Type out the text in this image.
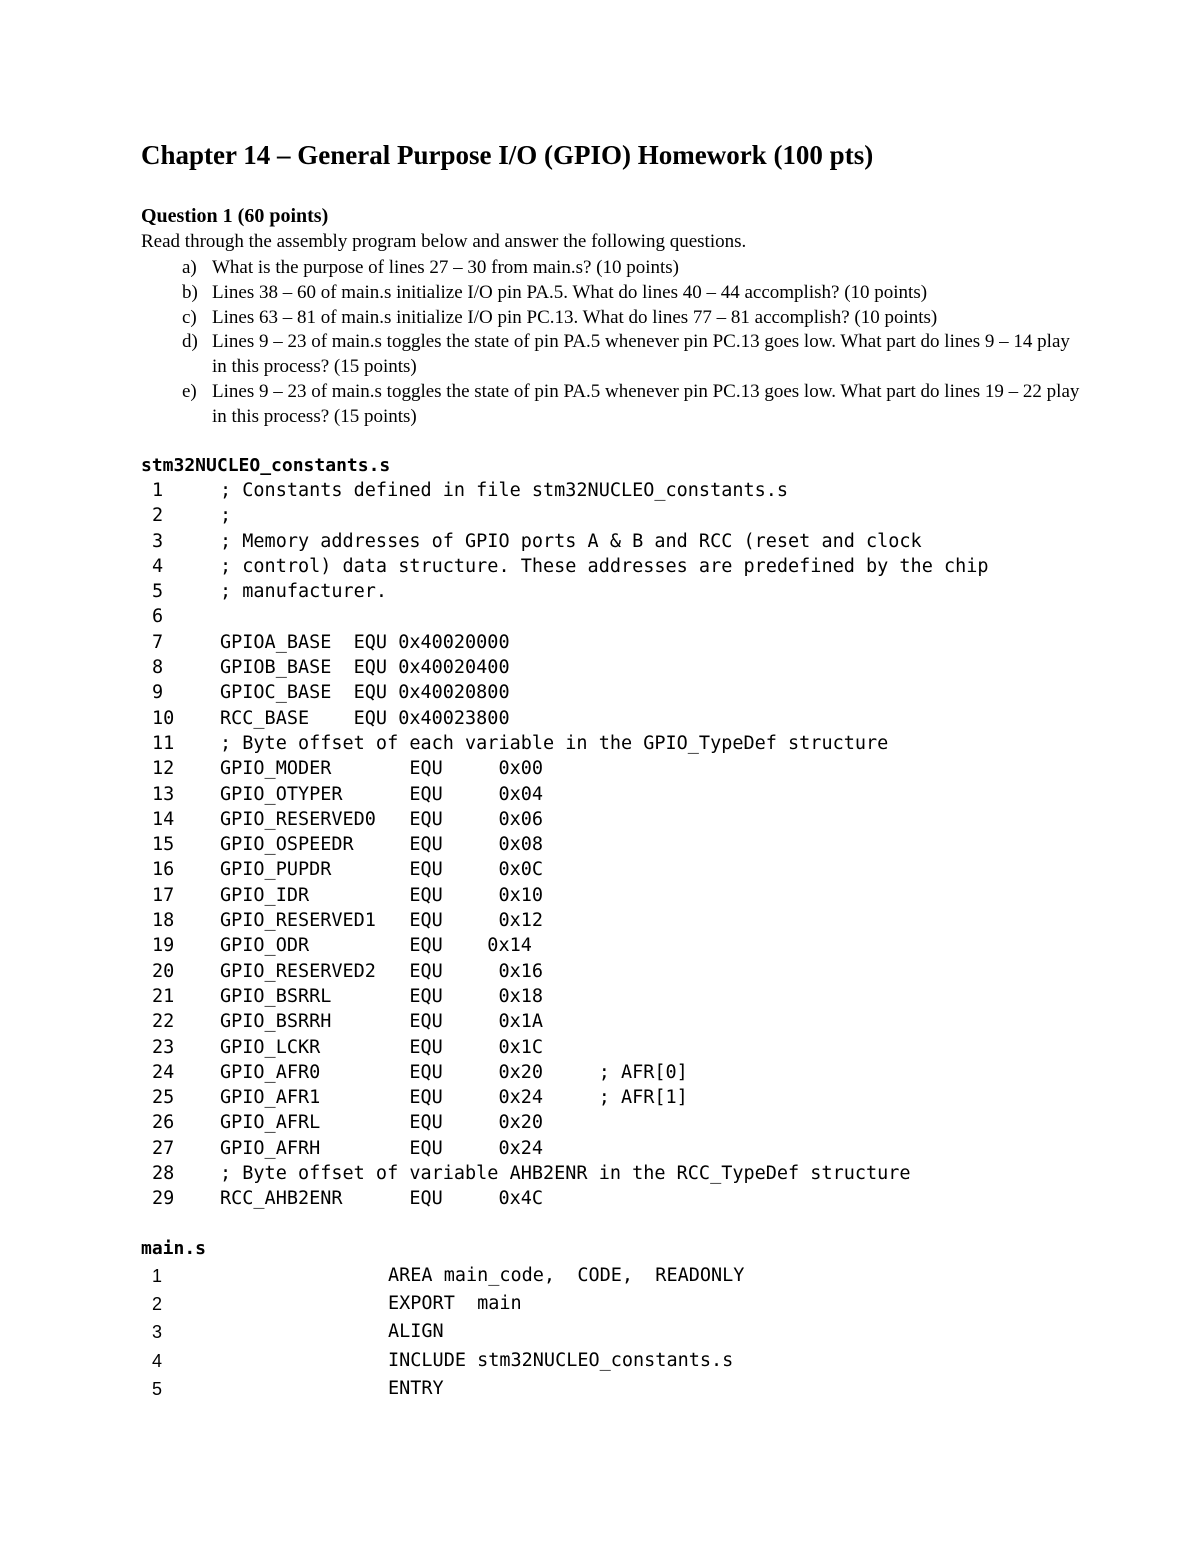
Chapter 14 – General Purpose I/O (GPIO) Homework (100 pts)
Question 1 (60 points)
Read through the assembly program below and answer the following questions.
a) What is the purpose of lines 27 – 30 from main.s? (10 points)
b) Lines 38 – 60 of main.s initialize I/O pin PA.5. What do lines 40 – 44 accomplish? (10 points)
c) Lines 63 – 81 of main.s initialize I/O pin PC.13. What do lines 77 – 81 accomplish? (10 points)
d) Lines 9 – 23 of main.s toggles the state of pin PA.5 whenever pin PC.13 goes low. What part do lines 9 – 14 play in this process? (15 points)
e) Lines 9 – 23 of main.s toggles the state of pin PA.5 whenever pin PC.13 goes low. What part do lines 19 – 22 play in this process? (15 points)
stm32NUCLEO_constants.s
1	; Constants defined in file stm32NUCLEO_constants.s
2	;
3	; Memory addresses of GPIO ports A & B and RCC (reset and clock
4	; control) data structure. These addresses are predefined by the chip
5	; manufacturer.
6
7	GPIOA_BASE  EQU 0x40020000
8	GPIOB_BASE  EQU 0x40020400
9	GPIOC_BASE  EQU 0x40020800
10 RCC_BASE    EQU 0x40023800
11 ; Byte offset of each variable in the GPIO_TypeDef structure
12 GPIO_MODER       EQU     0x00
13 GPIO_OTYPER      EQU     0x04
14 GPIO_RESERVED0   EQU     0x06
15 GPIO_OSPEEDR     EQU     0x08
16 GPIO_PUPDR       EQU     0x0C
17 GPIO_IDR         EQU     0x10
18 GPIO_RESERVED1   EQU     0x12
19 GPIO_ODR         EQU    0x14
20 GPIO_RESERVED2   EQU     0x16
21 GPIO_BSRRL       EQU     0x18
22 GPIO_BSRRH       EQU     0x1A
23 GPIO_LCKR        EQU     0x1C
24 GPIO_AFR0        EQU     0x20     ; AFR[0]
25 GPIO_AFR1        EQU     0x24     ; AFR[1]
26 GPIO_AFRL        EQU     0x20
27 GPIO_AFRH        EQU     0x24
28 ; Byte offset of variable AHB2ENR in the RCC_TypeDef structure
29 RCC_AHB2ENR      EQU     0x4C
main.s
1	AREA main_code,  CODE,  READONLY
2	EXPORT  main
3	ALIGN
4	INCLUDE stm32NUCLEO_constants.s
5	ENTRY
